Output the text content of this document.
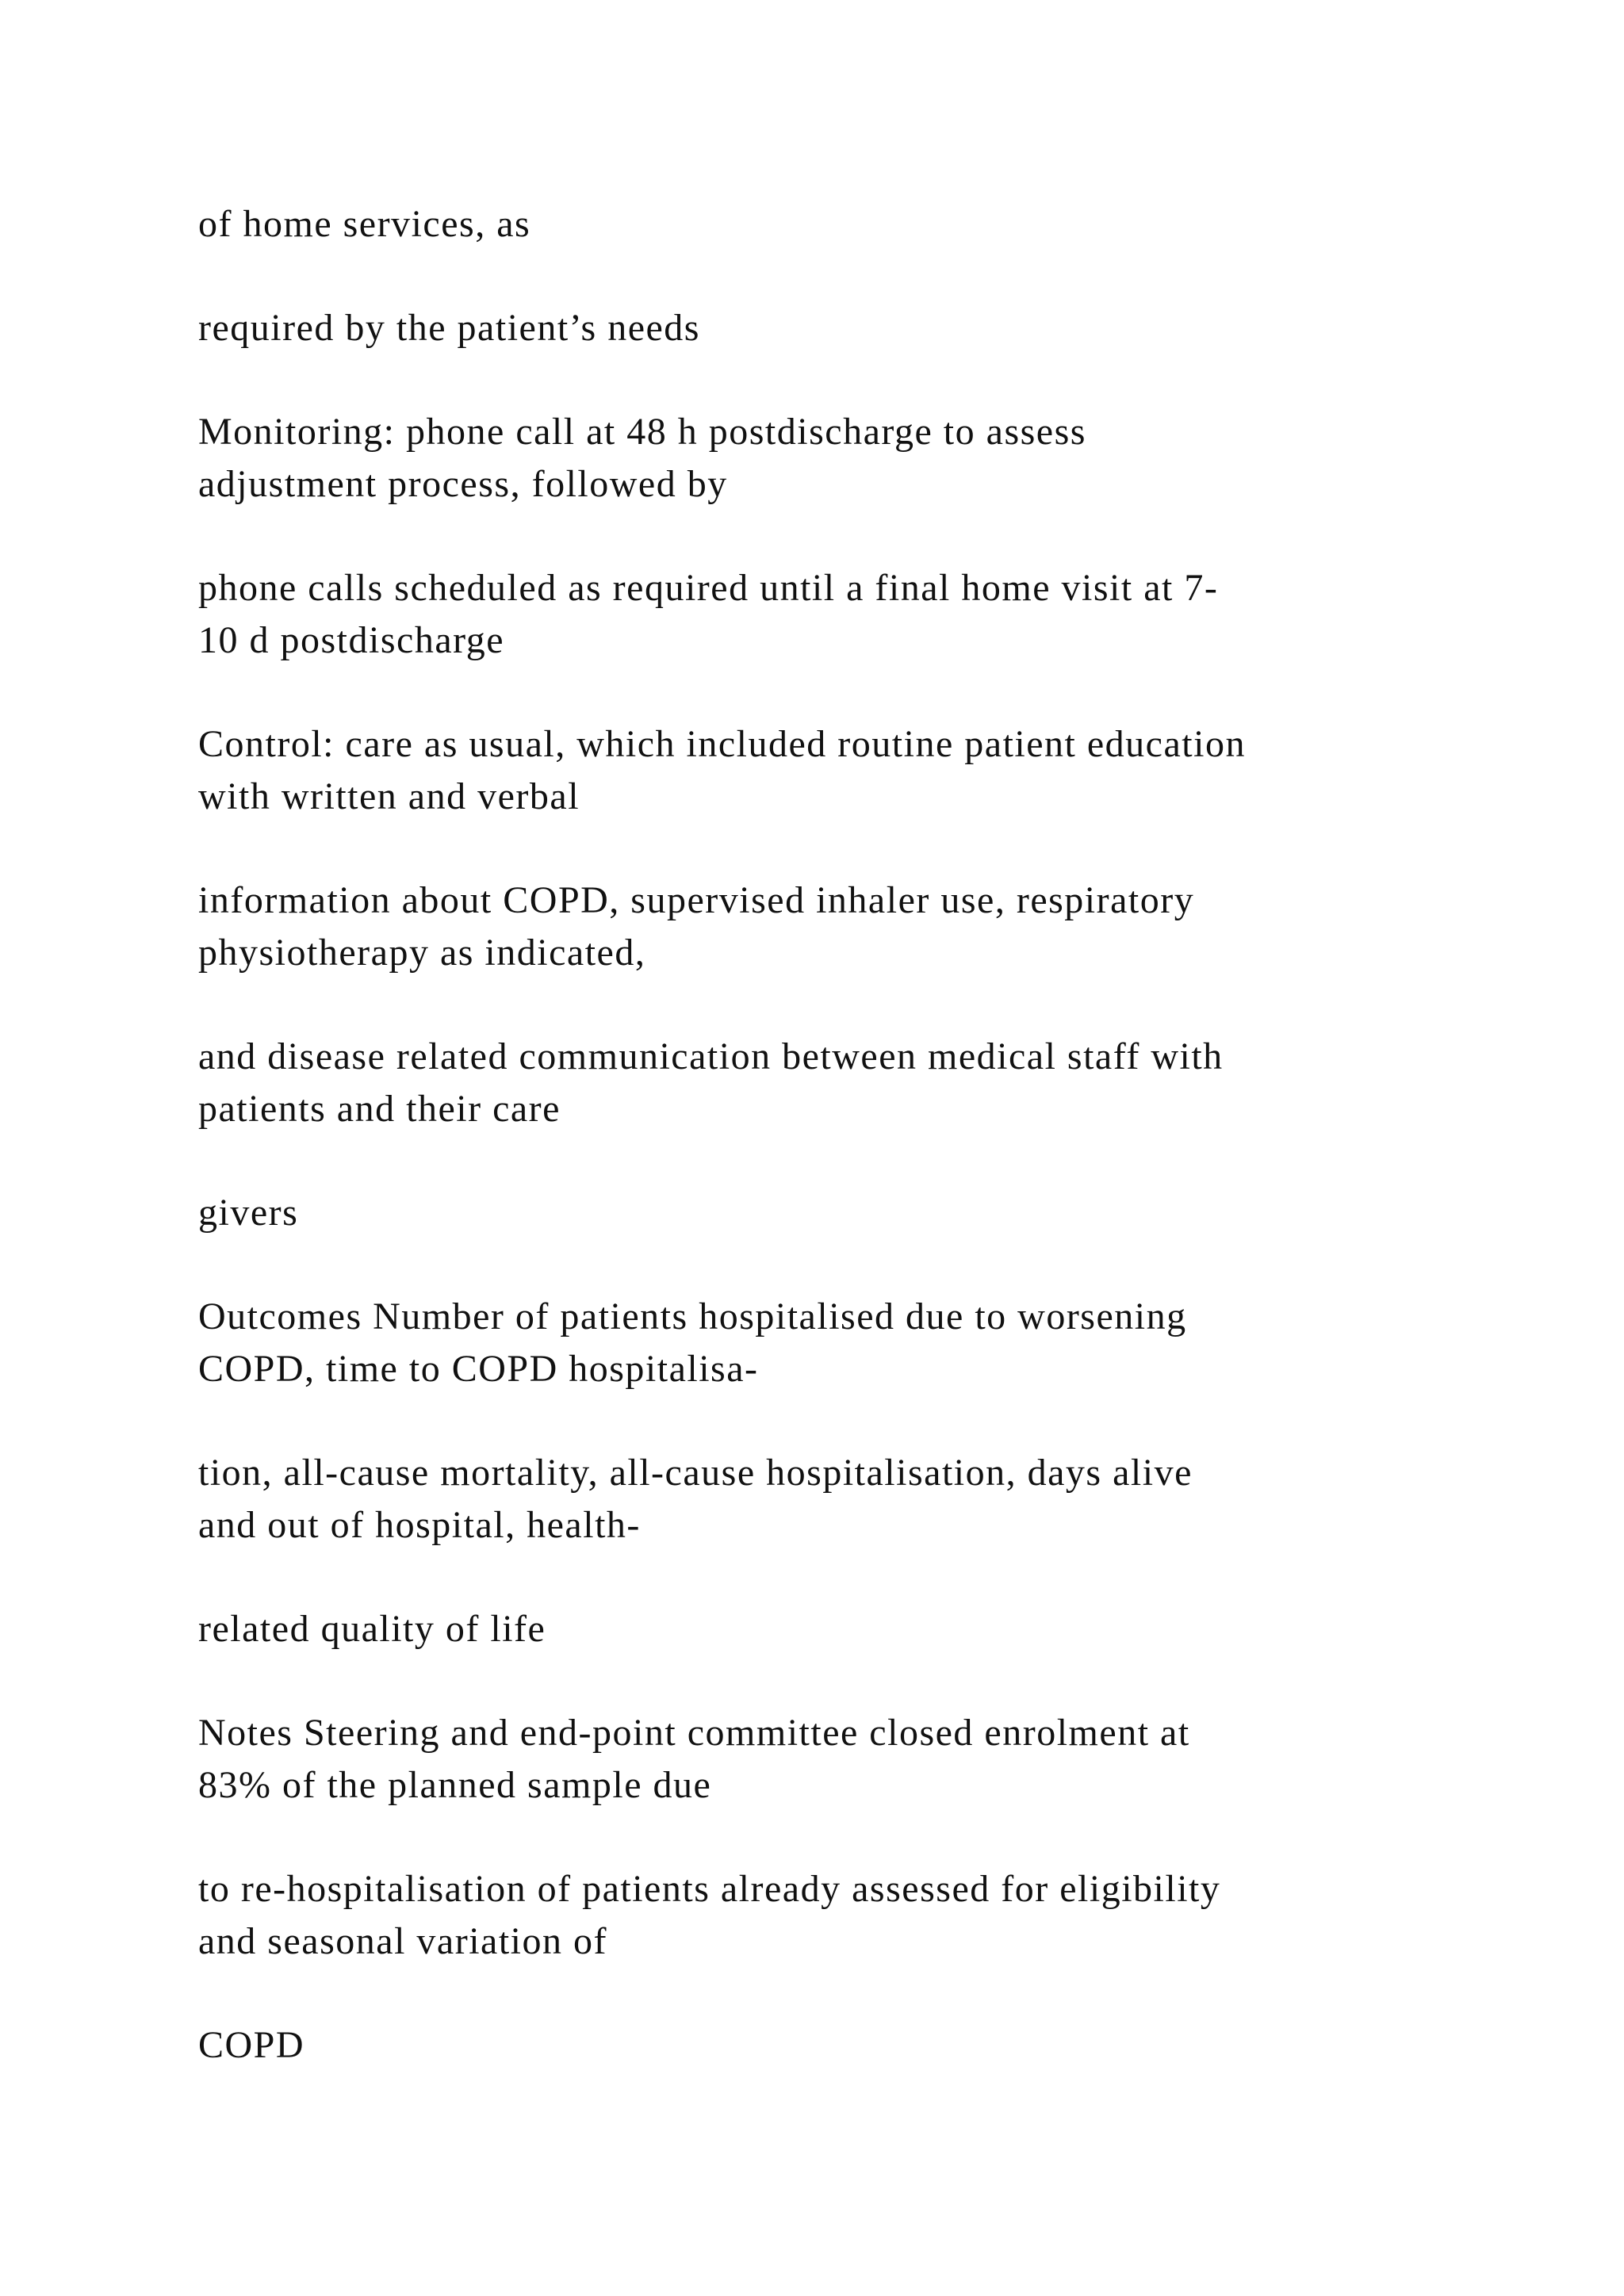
of home services, as

required by the patient’s needs

Monitoring: phone call at 48 h postdischarge to assess
adjustment process, followed by

phone calls scheduled as required until a final home visit at 7-
10 d postdischarge

Control: care as usual, which included routine patient education
with written and verbal

information about COPD, supervised inhaler use, respiratory
physiotherapy as indicated,

and disease related communication between medical staff with
patients and their care

givers

Outcomes Number of patients hospitalised due to worsening
COPD, time to COPD hospitalisa-

tion, all-cause mortality, all-cause hospitalisation, days alive
and out of hospital, health-

related quality of life

Notes Steering and end-point committee closed enrolment at
83% of the planned sample due

to re-hospitalisation of patients already assessed for eligibility
and seasonal variation of

COPD
